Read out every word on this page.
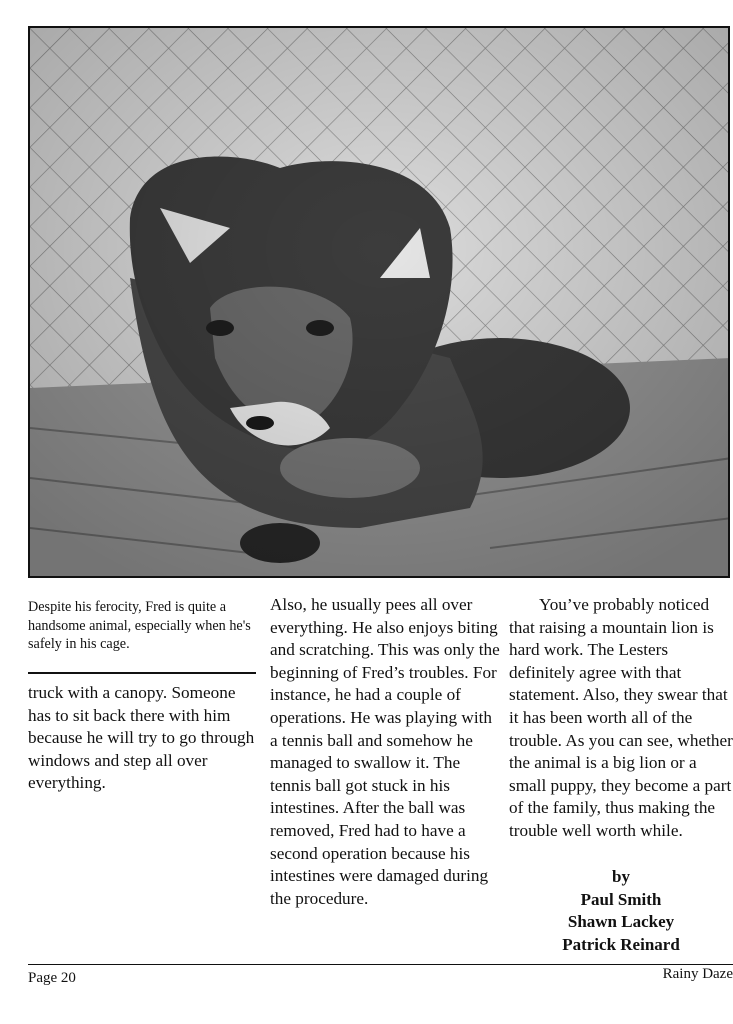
Despite his ferocity, Fred is quite a handsome animal, especially when he's safely in his cage.

truck with a canopy. Someone has to sit back there with him because he will try to go through windows and step all over everything.

Also, he usually pees all over everything. He also enjoys biting and scratching. This was only the beginning of Fred’s troubles. For instance, he had a couple of operations. He was playing with a tennis ball and somehow he managed to swallow it. The tennis ball got stuck in his intestines. After the ball was removed, Fred had to have a second operation because his intestines were damaged during the procedure.

You’ve probably noticed that raising a mountain lion is hard work. The Lesters definitely agree with that statement. Also, they swear that it has been worth all of the trouble. As you can see, whether the animal is a big lion or a small puppy, they become a part of the family, thus making the trouble well worth while.

by
Paul Smith
Shawn Lackey
Patrick Reinard
Page 20	Rainy Daze
